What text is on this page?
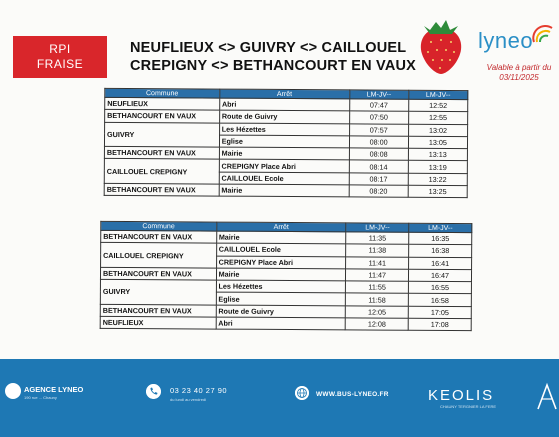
RPI
FRAISE
NEUFLIEUX <> GUIVRY <> CAILLOUEL
CREPIGNY <> BETHANCOURT EN VAUX
lyneo
Valable à partir du
03/11/2025
Commune	Arrêt	LM-JV--	LM-JV--
NEUFLIEUX	Abri	07:47	12:52
BETHANCOURT EN VAUX	Route de Guivry	07:50	12:55
GUIVRY	Les Hézettes	07:57	13:02
	Eglise	08:00	13:05
BETHANCOURT EN VAUX	Mairie	08:08	13:13
CAILLOUEL CREPIGNY	CREPIGNY Place Abri	08:14	13:19
	CAILLOUEL Ecole	08:17	13:22
BETHANCOURT EN VAUX	Mairie	08:20	13:25
Commune	Arrêt	LM-JV--	LM-JV--
BETHANCOURT EN VAUX	Mairie	11:35	16:35
CAILLOUEL CREPIGNY	CAILLOUEL Ecole	11:38	16:38
	CREPIGNY Place Abri	11:41	16:41
BETHANCOURT EN VAUX	Mairie	11:47	16:47
GUIVRY	Les Hézettes	11:55	16:55
	Eglise	11:58	16:58
BETHANCOURT EN VAUX	Route de Guivry	12:05	17:05
NEUFLIEUX	Abri	12:08	17:08
AGENCE LYNEO
190 rue ... Chauny
03 23 40 27 90
du lundi au vendredi
WWW.BUS-LYNEO.FR	KEOLIS
CHAUNY TERGNIER LA FERE
